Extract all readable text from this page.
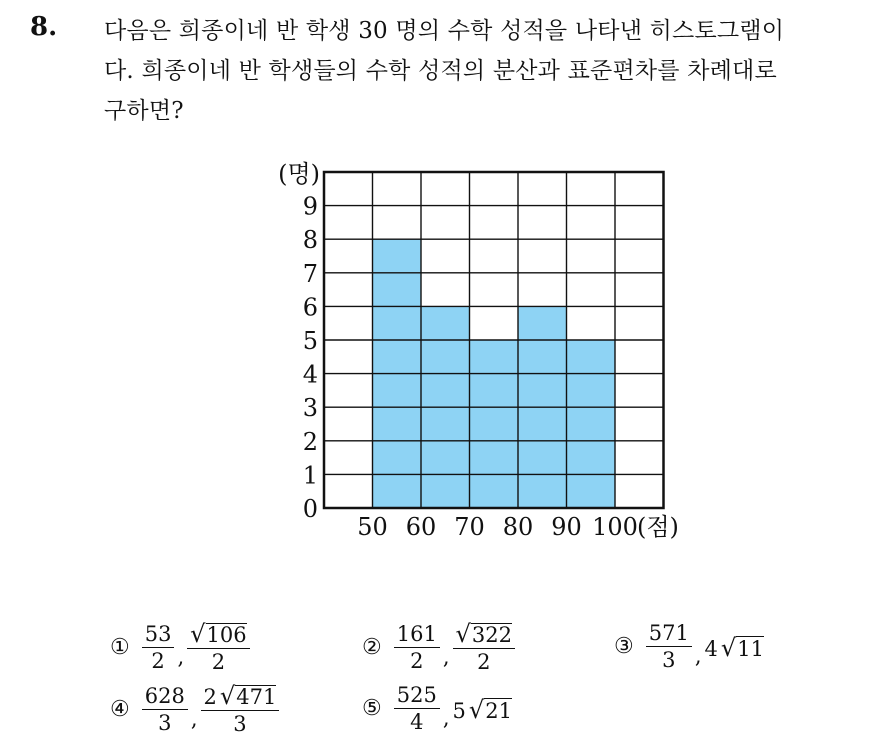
8. 다음은 희종이네 반 학생 30 명의 수학 성적을 나타낸 히스토그램이
다. 희종이네 반 학생들의 수학 성적의 분산과 표준편차를 차례대로
구하면?
0
1
2
3
4
5
6
7
8
9
50 60 70 80 90 100
(명)
(점)
① $\frac{53}{2}$ , $\frac{√ 106}{2}$	② $\frac{161}{2}$ , $\frac{√ 322}{2}$	③ $\frac{571}{3}$ , 4 √ 11
④ $\frac{628}{3}$ , $\frac{2 √ 471}{3}$	⑤ $\frac{525}{4}$ , 5 √ 21
